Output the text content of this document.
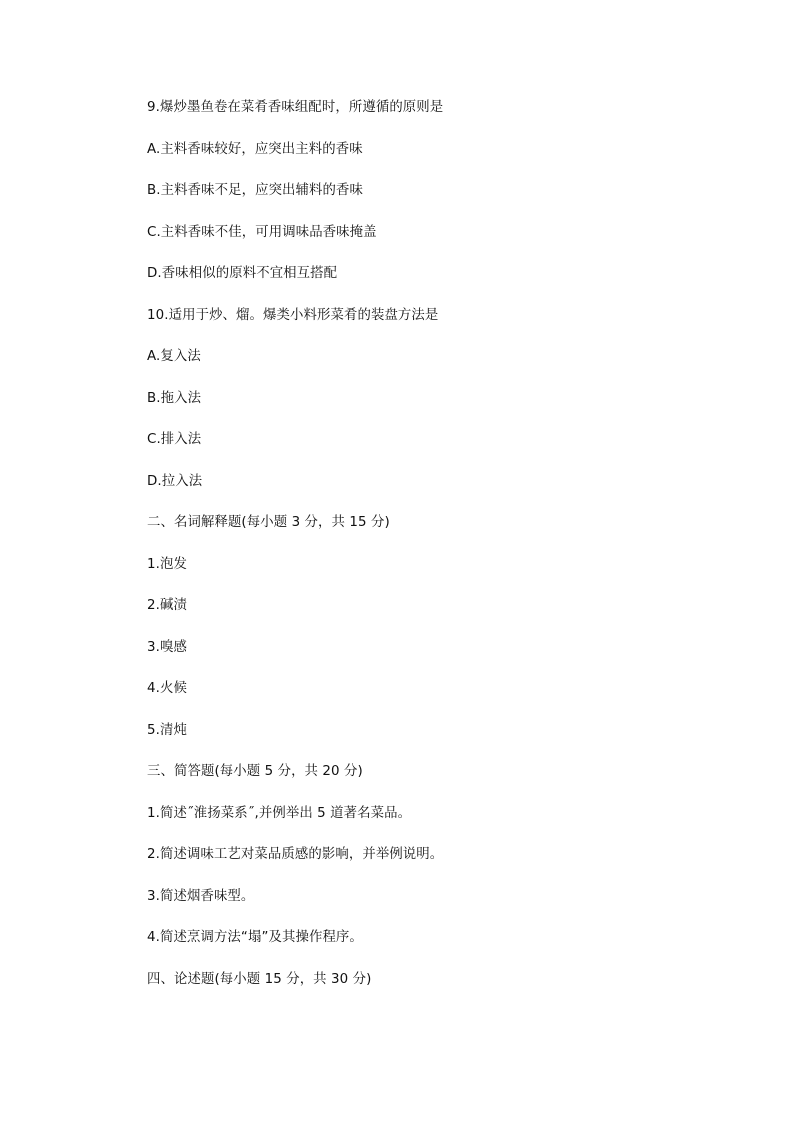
9.爆炒墨鱼卷在菜肴香味组配时，所遵循的原则是
A.主料香味较好，应突出主料的香味
B.主料香味不足，应突出辅料的香味
C.主料香味不佳，可用调味品香味掩盖
D.香味相似的原料不宜相互搭配
10.适用于炒、熘。爆类小料形菜肴的装盘方法是
A.复入法
B.拖入法
C.排入法
D.拉入法
二、名词解释题(每小题 3 分，共 15 分)
1.泡发
2.碱渍
3.嗅感
4.火候
5.清炖
三、简答题(每小题 5 分，共 20 分)
1.简述˝淮扬菜系˝,并例举出 5 道著名菜品。
2.简述调味工艺对菜品质感的影响，并举例说明。
3.简述烟香味型。
4.简述烹调方法“塌”及其操作程序。
四、论述题(每小题 15 分，共 30 分)
